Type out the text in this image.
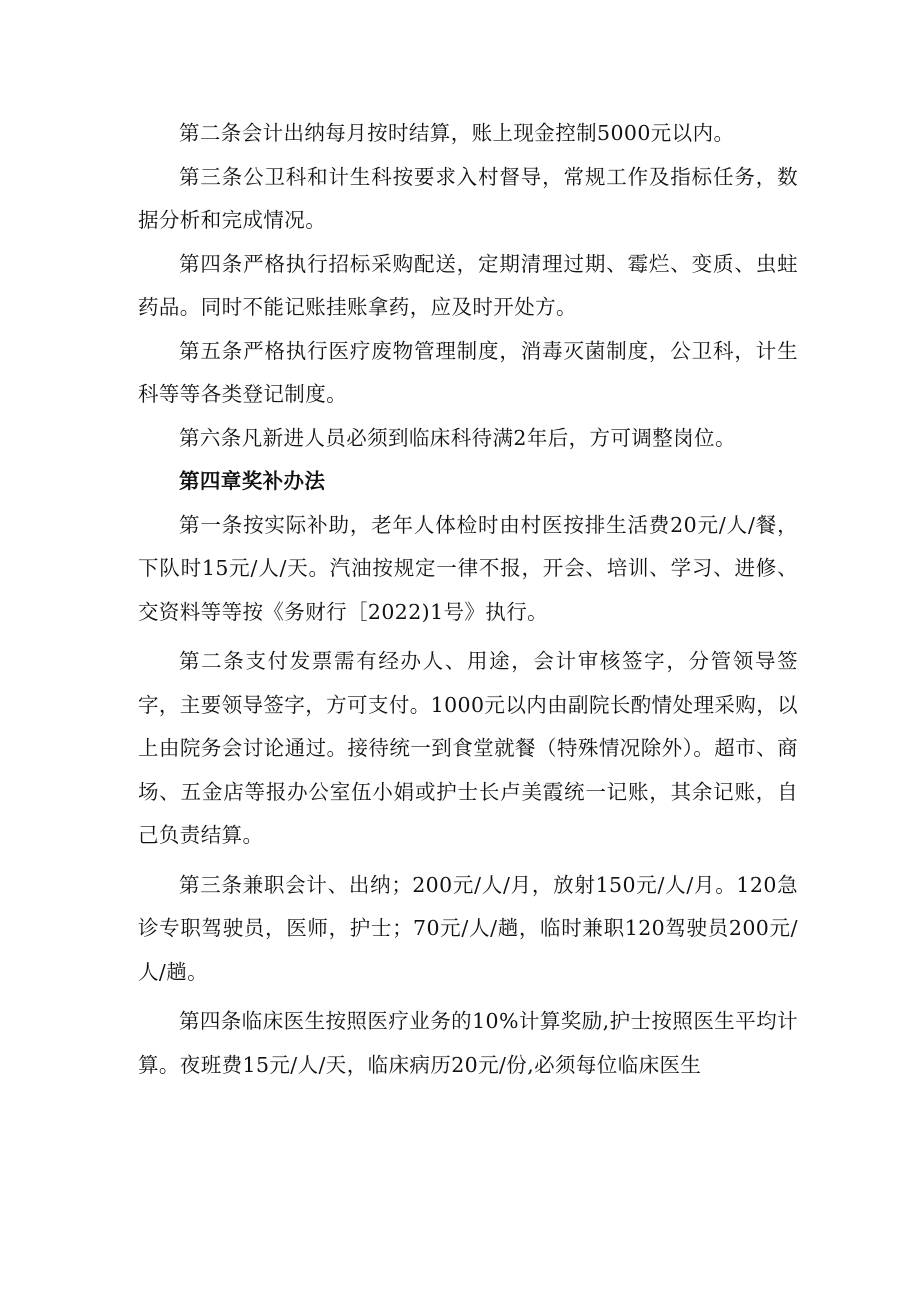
第二条会计出纳每月按时结算，账上现金控制5000元以内。

第三条公卫科和计生科按要求入村督导，常规工作及指标任务，数据分析和完成情况。

第四条严格执行招标采购配送，定期清理过期、霉烂、变质、虫蛀药品。同时不能记账挂账拿药，应及时开处方。

第五条严格执行医疗废物管理制度，消毒灭菌制度，公卫科，计生科等等各类登记制度。

第六条凡新进人员必须到临床科待满2年后，方可调整岗位。

第四章奖补办法

第一条按实际补助，老年人体检时由村医按排生活费20元/人/餐，下队时15元/人/天。汽油按规定一律不报，开会、培训、学习、进修、交资料等等按《务财行［2022)1号》执行。

第二条支付发票需有经办人、用途，会计审核签字，分管领导签字，主要领导签字，方可支付。1000元以内由副院长酌情处理采购，以上由院务会讨论通过。接待统一到食堂就餐（特殊情况除外）。超市、商场、五金店等报办公室伍小娟或护士长卢美霞统一记账，其余记账，自己负责结算。

第三条兼职会计、出纳；200元/人/月，放射150元/人/月。120急诊专职驾驶员，医师，护士；70元/人/趟，临时兼职120驾驶员200元/人/趟。

第四条临床医生按照医疗业务的10%计算奖励,护士按照医生平均计算。夜班费15元/人/天，临床病历20元/份,必须每位临床医生
